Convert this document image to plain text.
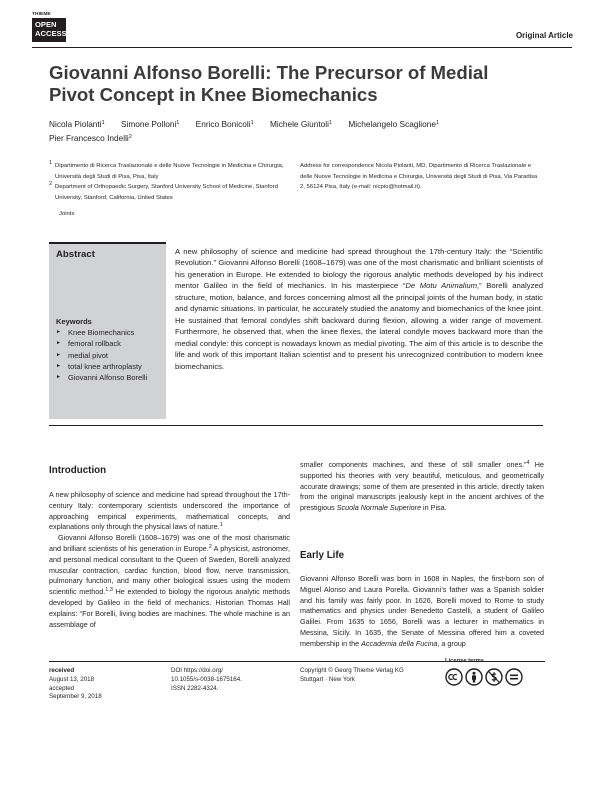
THIEME
OPEN
ACCESS	Original Article
Giovanni Alfonso Borelli: The Precursor of Medial Pivot Concept in Knee Biomechanics
Nicola Piolanti$^1$ Simone Polloni$^1$ Enrico Bonicoli$^1$ Michele Giuntoli$^1$ Michelangelo Scaglione$^1$
Pier Francesco Indelli$^2$
1 Dipartimento di Ricerca Traslazionale e delle Nuove Tecnologie in Medicina e Chirurgia, Università degli Studi di Pisa, Pisa, Italy
2 Department of Orthopaedic Surgery, Stanford University School of Medicine, Stanford University, Stanford, California, United States
Address for correspondence Nicola Piolanti, MD, Dipartimento di Ricerca Traslazionale e delle Nuove Tecnologie in Medicina e Chirurgia, Università degli Studi di Pisa, Via Paradisa 2, 56124 Pisa, Italy (e-mail: nicpio@hotmail.it).
Joints
Abstract
Keywords
► Knee Biomechanics
► femoral rollback
► medial pivot
► total knee arthroplasty
► Giovanni Alfonso Borelli
A new philosophy of science and medicine had spread throughout the 17th-century Italy: the “Scientific Revolution.” Giovanni Alfonso Borelli (1608–1679) was one of the most charismatic and brilliant scientists of his generation in Europe. He extended to biology the rigorous analytic methods developed by his indirect mentor Galileo in the field of mechanics. In his masterpiece “De Motu Animalium,” Borelli analyzed structure, motion, balance, and forces concerning almost all the principal joints of the human body, in static and dynamic situations. In particular, he accurately studied the anatomy and biomechanics of the knee joint. He sustained that femoral condyles shift backward during flexion, allowing a wider range of movement. Furthermore, he observed that, when the knee flexes, the lateral condyle moves backward more than the medial condyle: this concept is nowadays known as medial pivoting. The aim of this article is to describe the life and work of this important Italian scientist and to present his unrecognized contribution to modern knee biomechanics.
Introduction

A new philosophy of science and medicine had spread throughout the 17th-century Italy: contemporary scientists underscored the importance of approaching empirical experiments, mathematical concepts, and explanations only through the physical laws of nature.$^1$

Giovanni Alfonso Borelli (1608–1679) was one of the most charismatic and brilliant scientists of his generation in Europe.$^2$ A physicist, astronomer, and personal medical consultant to the Queen of Sweden, Borelli analyzed muscular contraction, cardiac function, blood flow, nerve transmission, pulmonary function, and many other biological issues using the modern scientific method.$^{1,3}$ He extended to biology the rigorous analytic methods developed by Galileo in the field of mechanics. Historian Thomas Hall explains: “For Borelli, living bodies are machines. The whole machine is an assemblage of

smaller components machines, and these of still smaller ones.”$^4$ He supported his theories with very beautiful, meticulous, and geometrically accurate drawings; some of them are presented in this article, directly taken from the original manuscripts jealously kept in the ancient archives of the prestigious Scuola Normale Superiore in Pisa.
Early Life
Giovanni Alfonso Borelli was born in 1608 in Naples, the first-born son of Miguel Alonso and Laura Porella. Giovanni’s father was a Spanish soldier and his family was fairly poor. In 1626, Borelli moved to Rome to study mathematics and physics under Benedetto Castelli, a student of Galileo Galilei. From 1635 to 1656, Borelli was a lecturer in mathematics in Messina, Sicily. In 1635, the Senate of Messina offered him a coveted membership in the Accademia della Fucina, a group
received
August 13, 2018
accepted
September 9, 2018
DOI https://doi.org/
10.1055/s-0038-1675164.
ISSN 2282-4324.
Copyright © Georg Thieme Verlag KG
Stuttgart · New York
License terms
